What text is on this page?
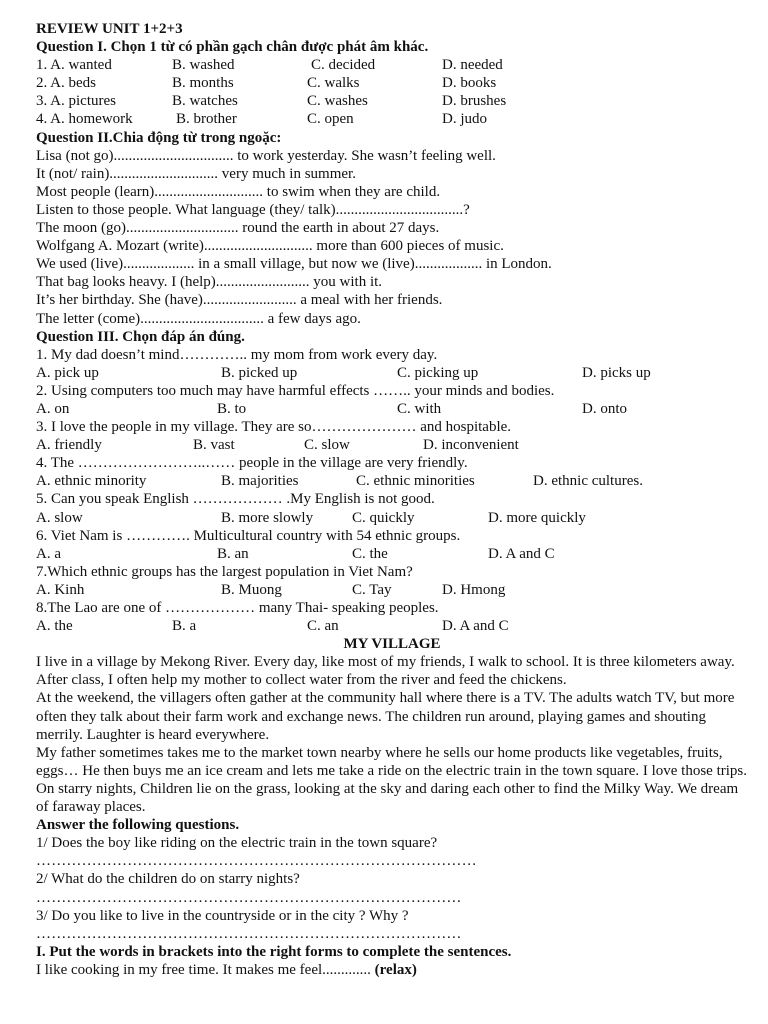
REVIEW UNIT 1+2+3
Question I. Chọn 1 từ có phần gạch chân được phát âm khác.
1. A. wanted	B. washed	C. decided	D. needed
2. A. beds	B. months	C. walks	D. books
3. A. pictures	B. watches	C. washes	D. brushes
4. A. homework	B. brother	C. open	D. judo
Question II.Chia động từ trong ngoặc:
Lisa (not go)................................ to work yesterday. She wasn’t feeling well.
It (not/ rain)............................. very much in summer.
Most people (learn)............................. to swim when they are child.
Listen to those people. What language (they/ talk)..................................?
The moon (go).............................. round the earth in about 27 days.
Wolfgang A. Mozart (write)............................. more than 600 pieces of music.
We used (live)................... in a small village, but now we (live).................. in London.
That bag looks heavy. I (help)......................... you with it.
It’s her birthday. She (have)......................... a meal with her friends.
The letter (come)................................. a few days ago.
Question III. Chọn đáp án đúng.
1. My dad doesn’t mind………….. my mom from work every day.
A. pick up	B. picked up	C. picking up	D. picks up
2. Using computers too much may have harmful effects …….. your minds and bodies.
A. on	B. to	C. with	D. onto
3. I love the people in my village. They are so………………… and hospitable.
A. friendly	B. vast	C. slow	D. inconvenient
4. The ……………………..…… people in the village are very friendly.
A. ethnic minority	B. majorities	C. ethnic minorities	D. ethnic cultures.
5. Can you speak English ……………… .My English is not good.
A. slow	B. more slowly	C. quickly	D. more quickly
6. Viet Nam is …………. Multicultural country with 54 ethnic groups.
A. a	B. an	C. the	D. A and C
7.Which ethnic groups has the largest population in Viet Nam?
A. Kinh	B. Muong	C. Tay	D. Hmong
8.The Lao are one of ……………… many Thai- speaking peoples.
A. the	B. a	C. an	D. A and C
MY VILLAGE
I live in a village by Mekong River. Every day, like most of my friends, I walk to school. It is three kilometers away. After class, I often help my mother to collect water from the river and feed the chickens.
At the weekend, the villagers often gather at the community hall where there is a TV. The adults watch TV, but more often they talk about their farm work and exchange news. The children run around, playing games and shouting merrily. Laughter is heard everywhere.
My father sometimes takes me to the market town nearby where he sells our home products like vegetables, fruits, eggs… He then buys me an ice cream and lets me take a ride on the electric train in the town square. I love those trips.
On starry nights, Children lie on the grass, looking at the sky and daring each other to find the Milky Way. We dream of faraway places.
Answer the following questions.
1/ Does the boy like riding on the electric train in the town square?
……………………………………………………………………………
2/ What do the children do on starry nights?
…………………………………………………………………………
3/ Do you like to live in the countryside or in the city ? Why ?
…………………………………………………………………………
I. Put the words in brackets into the right forms to complete the sentences.
I like cooking in my free time. It makes me feel............. (relax)
